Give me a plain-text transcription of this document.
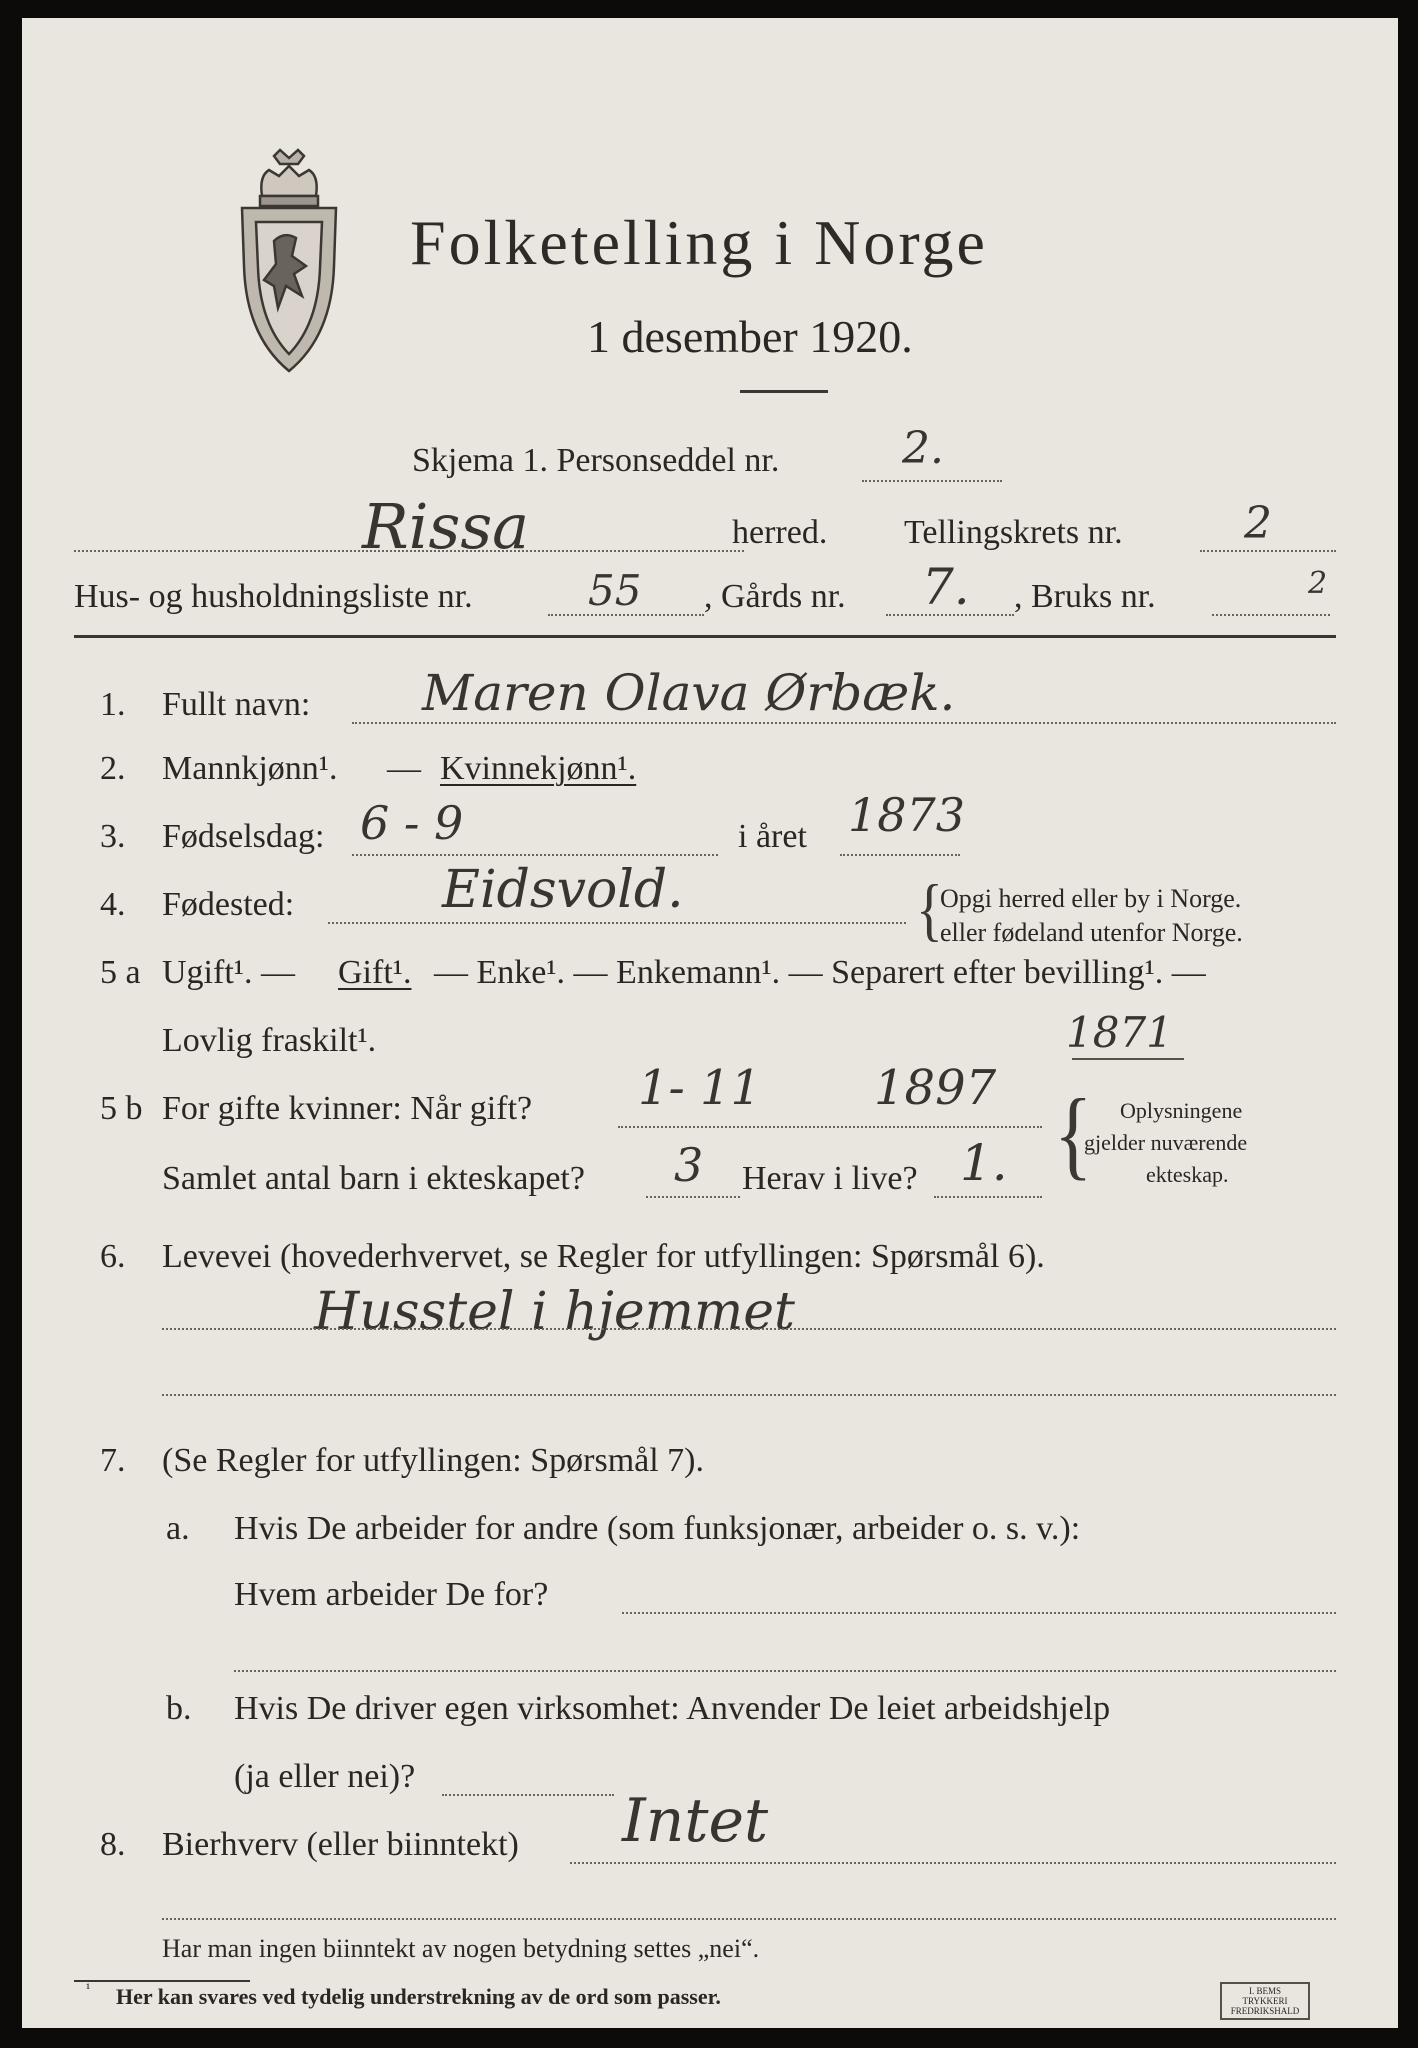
Folketelling i Norge
1 desember 1920.
Skjema 1. Personseddel nr.	2.
Rissa	herred. Tellingskrets nr.	2
Hus- og husholdningsliste nr.	55 , Gårds nr. 7. , Bruks nr.	2
1. Fullt navn: Maren Olava Ørbæk.
2. Mannkjønn¹. — Kvinnekjønn¹.
3. Fødselsdag: 6 - 9	i året 1873
4. Fødested:	Eidsvold.	{
Opgi herred eller by i Norge.
eller fødeland utenfor Norge.
5 a Ugift¹. — Gift¹. — Enke¹. — Enkemann¹. — Separert efter bevilling¹. —
Lovlig fraskilt¹.	1871
5 b For gifte kvinner: Når gift? 1- 11 1897
Samlet antal barn i ekteskapet? 3 Herav i live? 1. { Oplysningene
gjelder nuværende
ekteskap.
6. Levevei (hovederhvervet, se Regler for utfyllingen: Spørsmål 6).
Husstel i hjemmet
7. (Se Regler for utfyllingen: Spørsmål 7).
a. Hvis De arbeider for andre (som funksjonær, arbeider o. s. v.):
Hvem arbeider De for?
b. Hvis De driver egen virksomhet: Anvender De leiet arbeidshjelp
(ja eller nei)?
8. Bierhverv (eller biinntekt) Intet
Har man ingen biinntekt av nogen betydning settes „nei“.
¹ Her kan svares ved tydelig understrekning av de ord som passer.	I. BEMS TRYKKERI FREDRIKSHALD
